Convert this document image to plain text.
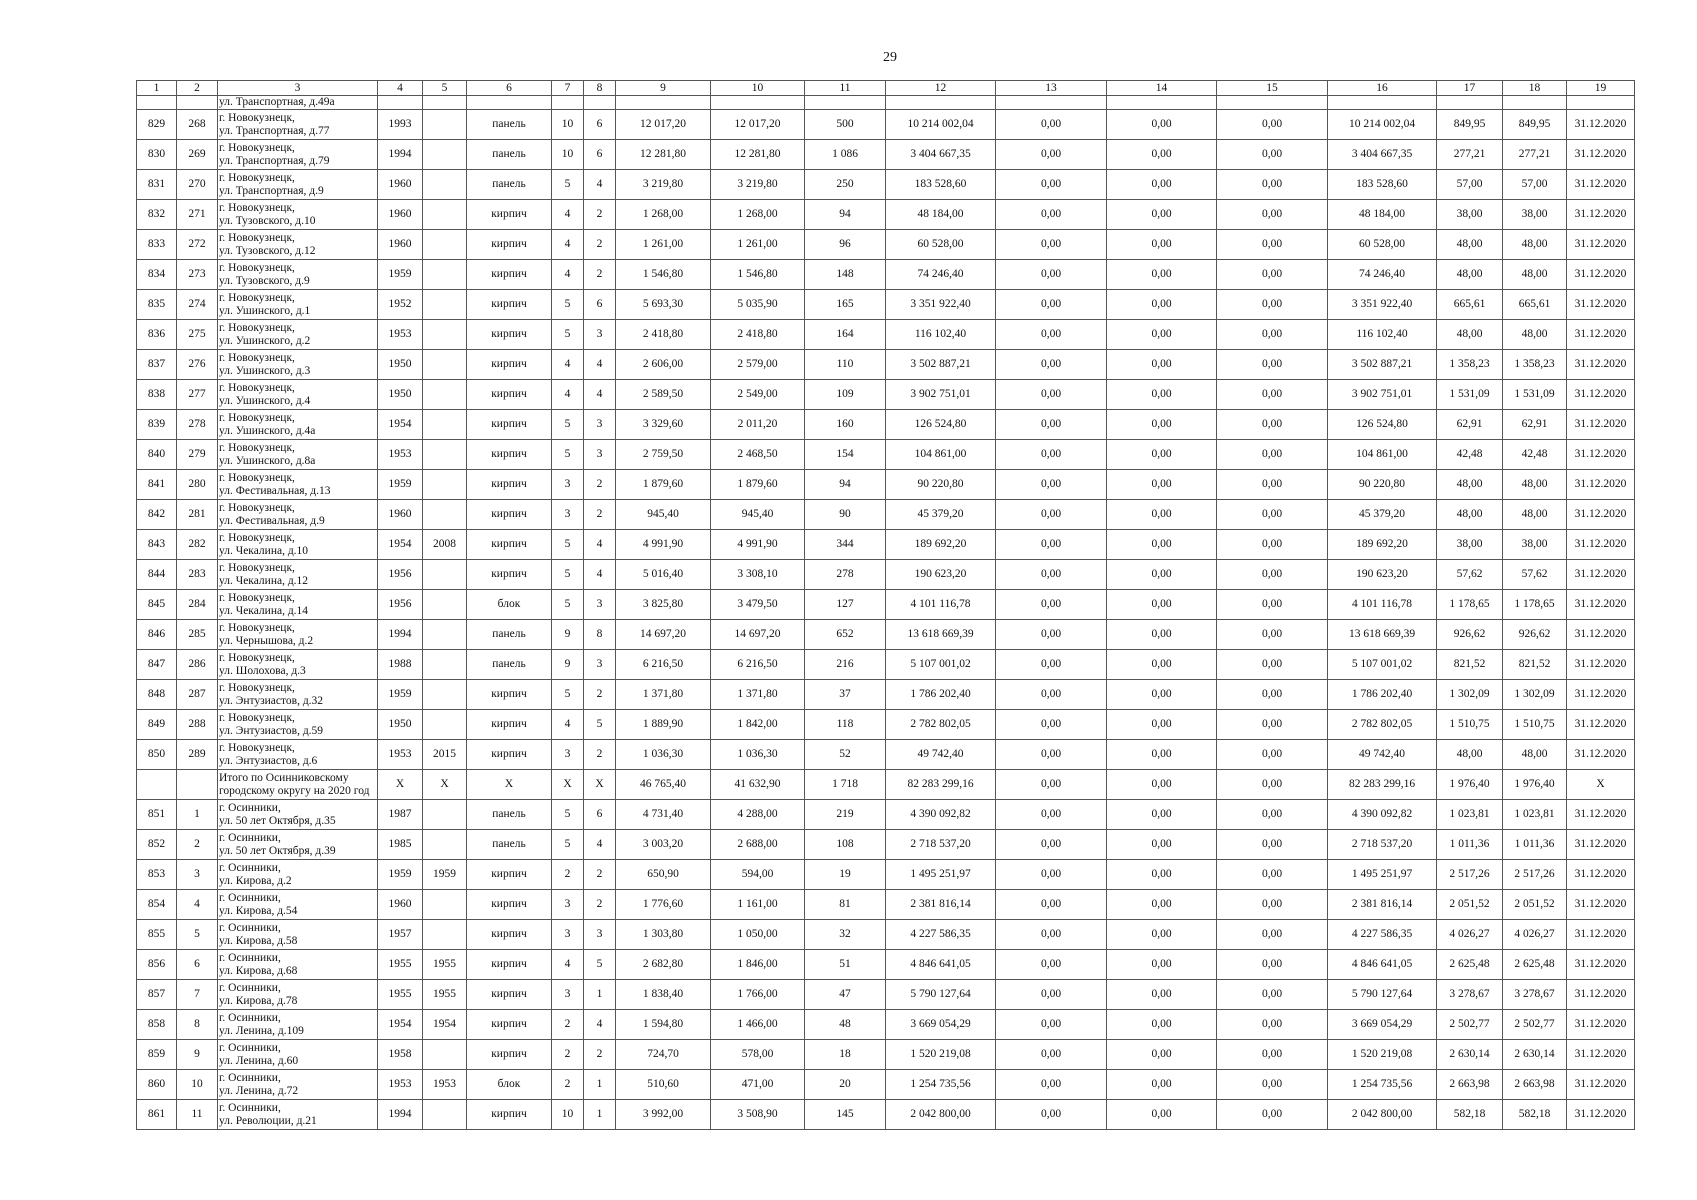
29
1	2	3	4	5	6	7	8	9	10	11	12	13	14	15	16	17	18	19
		ул. Транспортная, д.49а																
829	268	г. Новокузнецк,
ул. Транспортная, д.77	1993		панель	10	6	12 017,20	12 017,20	500	10 214 002,04	0,00	0,00	0,00	10 214 002,04	849,95	849,95	31.12.2020
830	269	г. Новокузнецк,
ул. Транспортная, д.79	1994		панель	10	6	12 281,80	12 281,80	1 086	3 404 667,35	0,00	0,00	0,00	3 404 667,35	277,21	277,21	31.12.2020
831	270	г. Новокузнецк,
ул. Транспортная, д.9	1960		панель	5	4	3 219,80	3 219,80	250	183 528,60	0,00	0,00	0,00	183 528,60	57,00	57,00	31.12.2020
832	271	г. Новокузнецк,
ул. Тузовского, д.10	1960		кирпич	4	2	1 268,00	1 268,00	94	48 184,00	0,00	0,00	0,00	48 184,00	38,00	38,00	31.12.2020
833	272	г. Новокузнецк,
ул. Тузовского, д.12	1960		кирпич	4	2	1 261,00	1 261,00	96	60 528,00	0,00	0,00	0,00	60 528,00	48,00	48,00	31.12.2020
834	273	г. Новокузнецк,
ул. Тузовского, д.9	1959		кирпич	4	2	1 546,80	1 546,80	148	74 246,40	0,00	0,00	0,00	74 246,40	48,00	48,00	31.12.2020
835	274	г. Новокузнецк,
ул. Ушинского, д.1	1952		кирпич	5	6	5 693,30	5 035,90	165	3 351 922,40	0,00	0,00	0,00	3 351 922,40	665,61	665,61	31.12.2020
836	275	г. Новокузнецк,
ул. Ушинского, д.2	1953		кирпич	5	3	2 418,80	2 418,80	164	116 102,40	0,00	0,00	0,00	116 102,40	48,00	48,00	31.12.2020
837	276	г. Новокузнецк,
ул. Ушинского, д.3	1950		кирпич	4	4	2 606,00	2 579,00	110	3 502 887,21	0,00	0,00	0,00	3 502 887,21	1 358,23	1 358,23	31.12.2020
838	277	г. Новокузнецк,
ул. Ушинского, д.4	1950		кирпич	4	4	2 589,50	2 549,00	109	3 902 751,01	0,00	0,00	0,00	3 902 751,01	1 531,09	1 531,09	31.12.2020
839	278	г. Новокузнецк,
ул. Ушинского, д.4а	1954		кирпич	5	3	3 329,60	2 011,20	160	126 524,80	0,00	0,00	0,00	126 524,80	62,91	62,91	31.12.2020
840	279	г. Новокузнецк,
ул. Ушинского, д.8а	1953		кирпич	5	3	2 759,50	2 468,50	154	104 861,00	0,00	0,00	0,00	104 861,00	42,48	42,48	31.12.2020
841	280	г. Новокузнецк,
ул. Фестивальная, д.13	1959		кирпич	3	2	1 879,60	1 879,60	94	90 220,80	0,00	0,00	0,00	90 220,80	48,00	48,00	31.12.2020
842	281	г. Новокузнецк,
ул. Фестивальная, д.9	1960		кирпич	3	2	945,40	945,40	90	45 379,20	0,00	0,00	0,00	45 379,20	48,00	48,00	31.12.2020
843	282	г. Новокузнецк,
ул. Чекалина, д.10	1954	2008	кирпич	5	4	4 991,90	4 991,90	344	189 692,20	0,00	0,00	0,00	189 692,20	38,00	38,00	31.12.2020
844	283	г. Новокузнецк,
ул. Чекалина, д.12	1956		кирпич	5	4	5 016,40	3 308,10	278	190 623,20	0,00	0,00	0,00	190 623,20	57,62	57,62	31.12.2020
845	284	г. Новокузнецк,
ул. Чекалина, д.14	1956		блок	5	3	3 825,80	3 479,50	127	4 101 116,78	0,00	0,00	0,00	4 101 116,78	1 178,65	1 178,65	31.12.2020
846	285	г. Новокузнецк,
ул. Чернышова, д.2	1994		панель	9	8	14 697,20	14 697,20	652	13 618 669,39	0,00	0,00	0,00	13 618 669,39	926,62	926,62	31.12.2020
847	286	г. Новокузнецк,
ул. Шолохова, д.3	1988		панель	9	3	6 216,50	6 216,50	216	5 107 001,02	0,00	0,00	0,00	5 107 001,02	821,52	821,52	31.12.2020
848	287	г. Новокузнецк,
ул. Энтузиастов, д.32	1959		кирпич	5	2	1 371,80	1 371,80	37	1 786 202,40	0,00	0,00	0,00	1 786 202,40	1 302,09	1 302,09	31.12.2020
849	288	г. Новокузнецк,
ул. Энтузиастов, д.59	1950		кирпич	4	5	1 889,90	1 842,00	118	2 782 802,05	0,00	0,00	0,00	2 782 802,05	1 510,75	1 510,75	31.12.2020
850	289	г. Новокузнецк,
ул. Энтузиастов, д.6	1953	2015	кирпич	3	2	1 036,30	1 036,30	52	49 742,40	0,00	0,00	0,00	49 742,40	48,00	48,00	31.12.2020
		Итого по Осинниковскому
городскому округу на 2020 год	X	X	X	X	X	46 765,40	41 632,90	1 718	82 283 299,16	0,00	0,00	0,00	82 283 299,16	1 976,40	1 976,40	X
851	1	г. Осинники,
ул. 50 лет Октября, д.35	1987		панель	5	6	4 731,40	4 288,00	219	4 390 092,82	0,00	0,00	0,00	4 390 092,82	1 023,81	1 023,81	31.12.2020
852	2	г. Осинники,
ул. 50 лет Октября, д.39	1985		панель	5	4	3 003,20	2 688,00	108	2 718 537,20	0,00	0,00	0,00	2 718 537,20	1 011,36	1 011,36	31.12.2020
853	3	г. Осинники,
ул. Кирова, д.2	1959	1959	кирпич	2	2	650,90	594,00	19	1 495 251,97	0,00	0,00	0,00	1 495 251,97	2 517,26	2 517,26	31.12.2020
854	4	г. Осинники,
ул. Кирова, д.54	1960		кирпич	3	2	1 776,60	1 161,00	81	2 381 816,14	0,00	0,00	0,00	2 381 816,14	2 051,52	2 051,52	31.12.2020
855	5	г. Осинники,
ул. Кирова, д.58	1957		кирпич	3	3	1 303,80	1 050,00	32	4 227 586,35	0,00	0,00	0,00	4 227 586,35	4 026,27	4 026,27	31.12.2020
856	6	г. Осинники,
ул. Кирова, д.68	1955	1955	кирпич	4	5	2 682,80	1 846,00	51	4 846 641,05	0,00	0,00	0,00	4 846 641,05	2 625,48	2 625,48	31.12.2020
857	7	г. Осинники,
ул. Кирова, д.78	1955	1955	кирпич	3	1	1 838,40	1 766,00	47	5 790 127,64	0,00	0,00	0,00	5 790 127,64	3 278,67	3 278,67	31.12.2020
858	8	г. Осинники,
ул. Ленина, д.109	1954	1954	кирпич	2	4	1 594,80	1 466,00	48	3 669 054,29	0,00	0,00	0,00	3 669 054,29	2 502,77	2 502,77	31.12.2020
859	9	г. Осинники,
ул. Ленина, д.60	1958		кирпич	2	2	724,70	578,00	18	1 520 219,08	0,00	0,00	0,00	1 520 219,08	2 630,14	2 630,14	31.12.2020
860	10	г. Осинники,
ул. Ленина, д.72	1953	1953	блок	2	1	510,60	471,00	20	1 254 735,56	0,00	0,00	0,00	1 254 735,56	2 663,98	2 663,98	31.12.2020
861	11	г. Осинники,
ул. Революции, д.21	1994		кирпич	10	1	3 992,00	3 508,90	145	2 042 800,00	0,00	0,00	0,00	2 042 800,00	582,18	582,18	31.12.2020
